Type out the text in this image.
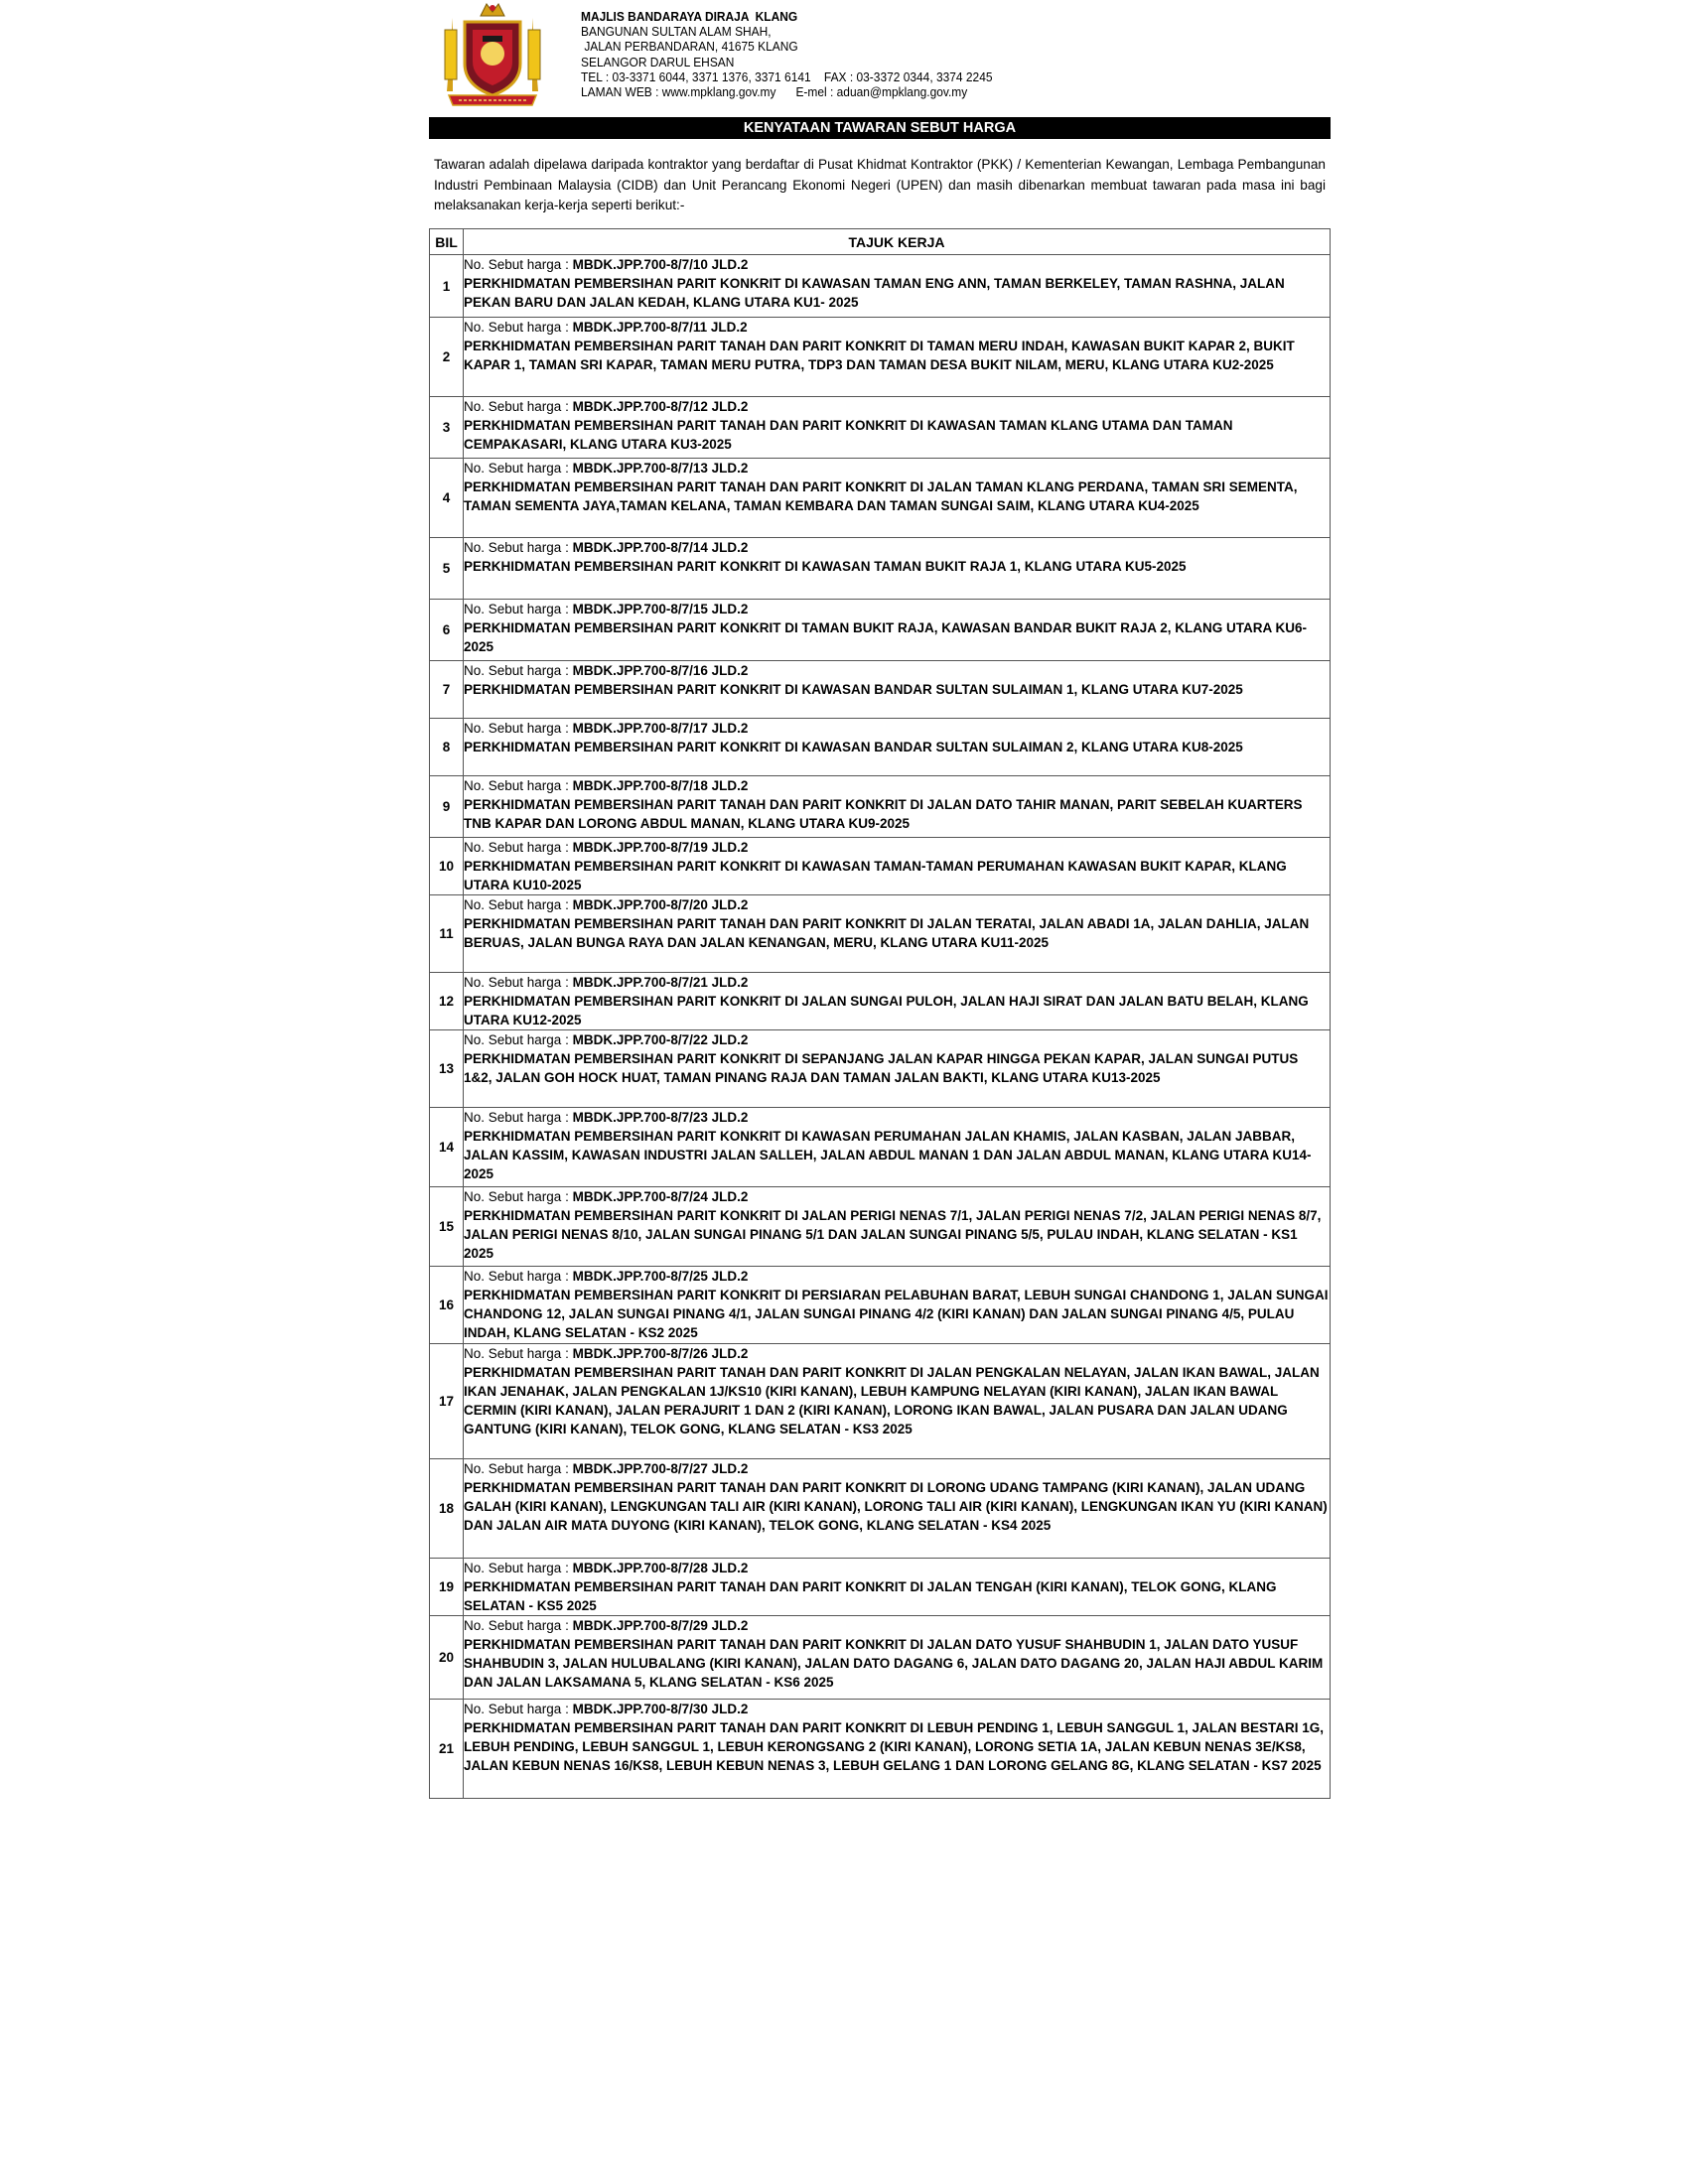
MAJLIS BANDARAYA DIRAJA  KLANG
BANGUNAN SULTAN ALAM SHAH,
JALAN PERBANDARAN, 41675 KLANG
SELANGOR DARUL EHSAN
TEL : 03-3371 6044, 3371 1376, 3371 6141    FAX : 03-3372 0344, 3374 2245
LAMAN WEB : www.mpklang.gov.my      E-mel : aduan@mpklang.gov.my
KENYATAAN TAWARAN SEBUT HARGA
Tawaran adalah dipelawa daripada kontraktor yang berdaftar di Pusat Khidmat Kontraktor (PKK) / Kementerian Kewangan, Lembaga Pembangunan Industri Pembinaan Malaysia (CIDB) dan Unit Perancang Ekonomi Negeri (UPEN) dan masih dibenarkan membuat tawaran pada masa ini bagi melaksanakan kerja-kerja seperti berikut:-
BIL	TAJUK KERJA
1	No. Sebut harga : MBDK.JPP.700-8/7/10 JLD.2
PERKHIDMATAN PEMBERSIHAN PARIT KONKRIT DI KAWASAN TAMAN ENG ANN, TAMAN BERKELEY, TAMAN RASHNA, JALAN PEKAN BARU DAN JALAN KEDAH, KLANG UTARA KU1- 2025

2	No. Sebut harga : MBDK.JPP.700-8/7/11 JLD.2
PERKHIDMATAN PEMBERSIHAN PARIT TANAH DAN PARIT KONKRIT DI TAMAN MERU INDAH, KAWASAN BUKIT KAPAR 2, BUKIT KAPAR 1, TAMAN SRI KAPAR, TAMAN MERU PUTRA, TDP3 DAN TAMAN DESA BUKIT NILAM, MERU, KLANG UTARA KU2-2025

3	No. Sebut harga : MBDK.JPP.700-8/7/12 JLD.2
PERKHIDMATAN PEMBERSIHAN PARIT TANAH DAN PARIT KONKRIT DI KAWASAN TAMAN KLANG UTAMA DAN TAMAN CEMPAKASARI, KLANG UTARA KU3-2025

4	No. Sebut harga : MBDK.JPP.700-8/7/13 JLD.2
PERKHIDMATAN PEMBERSIHAN PARIT TANAH DAN PARIT KONKRIT DI JALAN TAMAN KLANG PERDANA, TAMAN SRI SEMENTA, TAMAN SEMENTA JAYA,TAMAN KELANA, TAMAN KEMBARA DAN TAMAN SUNGAI SAIM, KLANG UTARA KU4-2025

5	No. Sebut harga : MBDK.JPP.700-8/7/14 JLD.2
PERKHIDMATAN PEMBERSIHAN PARIT KONKRIT DI KAWASAN TAMAN BUKIT RAJA 1, KLANG UTARA KU5-2025

6	No. Sebut harga : MBDK.JPP.700-8/7/15 JLD.2
PERKHIDMATAN PEMBERSIHAN PARIT KONKRIT DI TAMAN BUKIT RAJA, KAWASAN BANDAR BUKIT RAJA 2, KLANG UTARA KU6-2025

7	No. Sebut harga : MBDK.JPP.700-8/7/16 JLD.2
PERKHIDMATAN PEMBERSIHAN PARIT KONKRIT DI KAWASAN BANDAR SULTAN SULAIMAN 1, KLANG UTARA KU7-2025

8	No. Sebut harga : MBDK.JPP.700-8/7/17 JLD.2
PERKHIDMATAN PEMBERSIHAN PARIT KONKRIT DI KAWASAN BANDAR SULTAN SULAIMAN 2, KLANG UTARA KU8-2025

9	No. Sebut harga : MBDK.JPP.700-8/7/18 JLD.2
PERKHIDMATAN PEMBERSIHAN PARIT TANAH DAN PARIT KONKRIT DI JALAN DATO TAHIR MANAN, PARIT SEBELAH KUARTERS TNB KAPAR DAN LORONG ABDUL MANAN, KLANG UTARA KU9-2025

10	No. Sebut harga : MBDK.JPP.700-8/7/19 JLD.2
PERKHIDMATAN PEMBERSIHAN PARIT KONKRIT DI KAWASAN TAMAN-TAMAN PERUMAHAN KAWASAN BUKIT KAPAR, KLANG UTARA KU10-2025

11	No. Sebut harga : MBDK.JPP.700-8/7/20 JLD.2
PERKHIDMATAN PEMBERSIHAN PARIT TANAH DAN PARIT KONKRIT DI JALAN TERATAI, JALAN ABADI 1A, JALAN DAHLIA, JALAN BERUAS, JALAN BUNGA RAYA DAN JALAN KENANGAN, MERU, KLANG UTARA KU11-2025

12	No. Sebut harga : MBDK.JPP.700-8/7/21 JLD.2
PERKHIDMATAN PEMBERSIHAN PARIT KONKRIT DI JALAN SUNGAI PULOH, JALAN HAJI SIRAT DAN JALAN BATU BELAH, KLANG UTARA KU12-2025

13	No. Sebut harga : MBDK.JPP.700-8/7/22 JLD.2
PERKHIDMATAN PEMBERSIHAN PARIT KONKRIT DI SEPANJANG JALAN KAPAR HINGGA PEKAN KAPAR, JALAN SUNGAI PUTUS 1&2, JALAN GOH HOCK HUAT, TAMAN PINANG RAJA DAN TAMAN JALAN BAKTI, KLANG UTARA KU13-2025

14	No. Sebut harga : MBDK.JPP.700-8/7/23 JLD.2
PERKHIDMATAN PEMBERSIHAN PARIT KONKRIT DI KAWASAN PERUMAHAN JALAN KHAMIS, JALAN KASBAN, JALAN JABBAR, JALAN KASSIM, KAWASAN INDUSTRI JALAN SALLEH, JALAN ABDUL MANAN 1 DAN JALAN ABDUL MANAN, KLANG UTARA KU14-2025

15	No. Sebut harga : MBDK.JPP.700-8/7/24 JLD.2
PERKHIDMATAN PEMBERSIHAN PARIT KONKRIT DI JALAN PERIGI NENAS 7/1, JALAN PERIGI NENAS 7/2, JALAN PERIGI NENAS 8/7, JALAN PERIGI NENAS 8/10, JALAN SUNGAI PINANG 5/1 DAN JALAN SUNGAI PINANG 5/5, PULAU INDAH, KLANG SELATAN - KS1 2025

16	No. Sebut harga : MBDK.JPP.700-8/7/25 JLD.2
PERKHIDMATAN PEMBERSIHAN PARIT KONKRIT DI PERSIARAN PELABUHAN BARAT, LEBUH SUNGAI CHANDONG 1, JALAN SUNGAI CHANDONG 12, JALAN SUNGAI PINANG 4/1, JALAN SUNGAI PINANG 4/2 (KIRI KANAN) DAN JALAN SUNGAI PINANG 4/5, PULAU INDAH, KLANG SELATAN - KS2 2025

17	No. Sebut harga : MBDK.JPP.700-8/7/26 JLD.2
PERKHIDMATAN PEMBERSIHAN PARIT TANAH DAN PARIT KONKRIT DI JALAN PENGKALAN NELAYAN, JALAN IKAN BAWAL, JALAN IKAN JENAHAK, JALAN PENGKALAN 1J/KS10 (KIRI KANAN), LEBUH KAMPUNG NELAYAN (KIRI KANAN), JALAN IKAN BAWAL CERMIN (KIRI KANAN), JALAN PERAJURIT 1 DAN 2 (KIRI KANAN), LORONG IKAN BAWAL, JALAN PUSARA DAN JALAN UDANG GANTUNG (KIRI KANAN), TELOK GONG, KLANG SELATAN - KS3 2025

18	No. Sebut harga : MBDK.JPP.700-8/7/27 JLD.2
PERKHIDMATAN PEMBERSIHAN PARIT TANAH DAN PARIT KONKRIT DI LORONG UDANG TAMPANG (KIRI KANAN), JALAN UDANG GALAH (KIRI KANAN), LENGKUNGAN TALI AIR (KIRI KANAN), LORONG TALI AIR (KIRI KANAN), LENGKUNGAN IKAN YU (KIRI KANAN) DAN JALAN AIR MATA DUYONG (KIRI KANAN), TELOK GONG, KLANG SELATAN - KS4 2025

19	No. Sebut harga : MBDK.JPP.700-8/7/28 JLD.2
PERKHIDMATAN PEMBERSIHAN PARIT TANAH DAN PARIT KONKRIT DI JALAN TENGAH (KIRI KANAN), TELOK GONG, KLANG SELATAN - KS5 2025

20	No. Sebut harga : MBDK.JPP.700-8/7/29 JLD.2
PERKHIDMATAN PEMBERSIHAN PARIT TANAH DAN PARIT KONKRIT DI JALAN DATO YUSUF SHAHBUDIN 1, JALAN DATO YUSUF SHAHBUDIN 3, JALAN HULUBALANG (KIRI KANAN), JALAN DATO DAGANG 6, JALAN DATO DAGANG 20, JALAN HAJI ABDUL KARIM DAN JALAN LAKSAMANA 5, KLANG SELATAN - KS6 2025

21	No. Sebut harga : MBDK.JPP.700-8/7/30 JLD.2
PERKHIDMATAN PEMBERSIHAN PARIT TANAH DAN PARIT KONKRIT DI LEBUH PENDING 1, LEBUH SANGGUL 1, JALAN BESTARI 1G, LEBUH PENDING, LEBUH SANGGUL 1, LEBUH KERONGSANG 2 (KIRI KANAN), LORONG SETIA 1A, JALAN KEBUN NENAS 3E/KS8, JALAN KEBUN NENAS 16/KS8, LEBUH KEBUN NENAS 3, LEBUH GELANG 1 DAN LORONG GELANG 8G, KLANG SELATAN - KS7 2025
